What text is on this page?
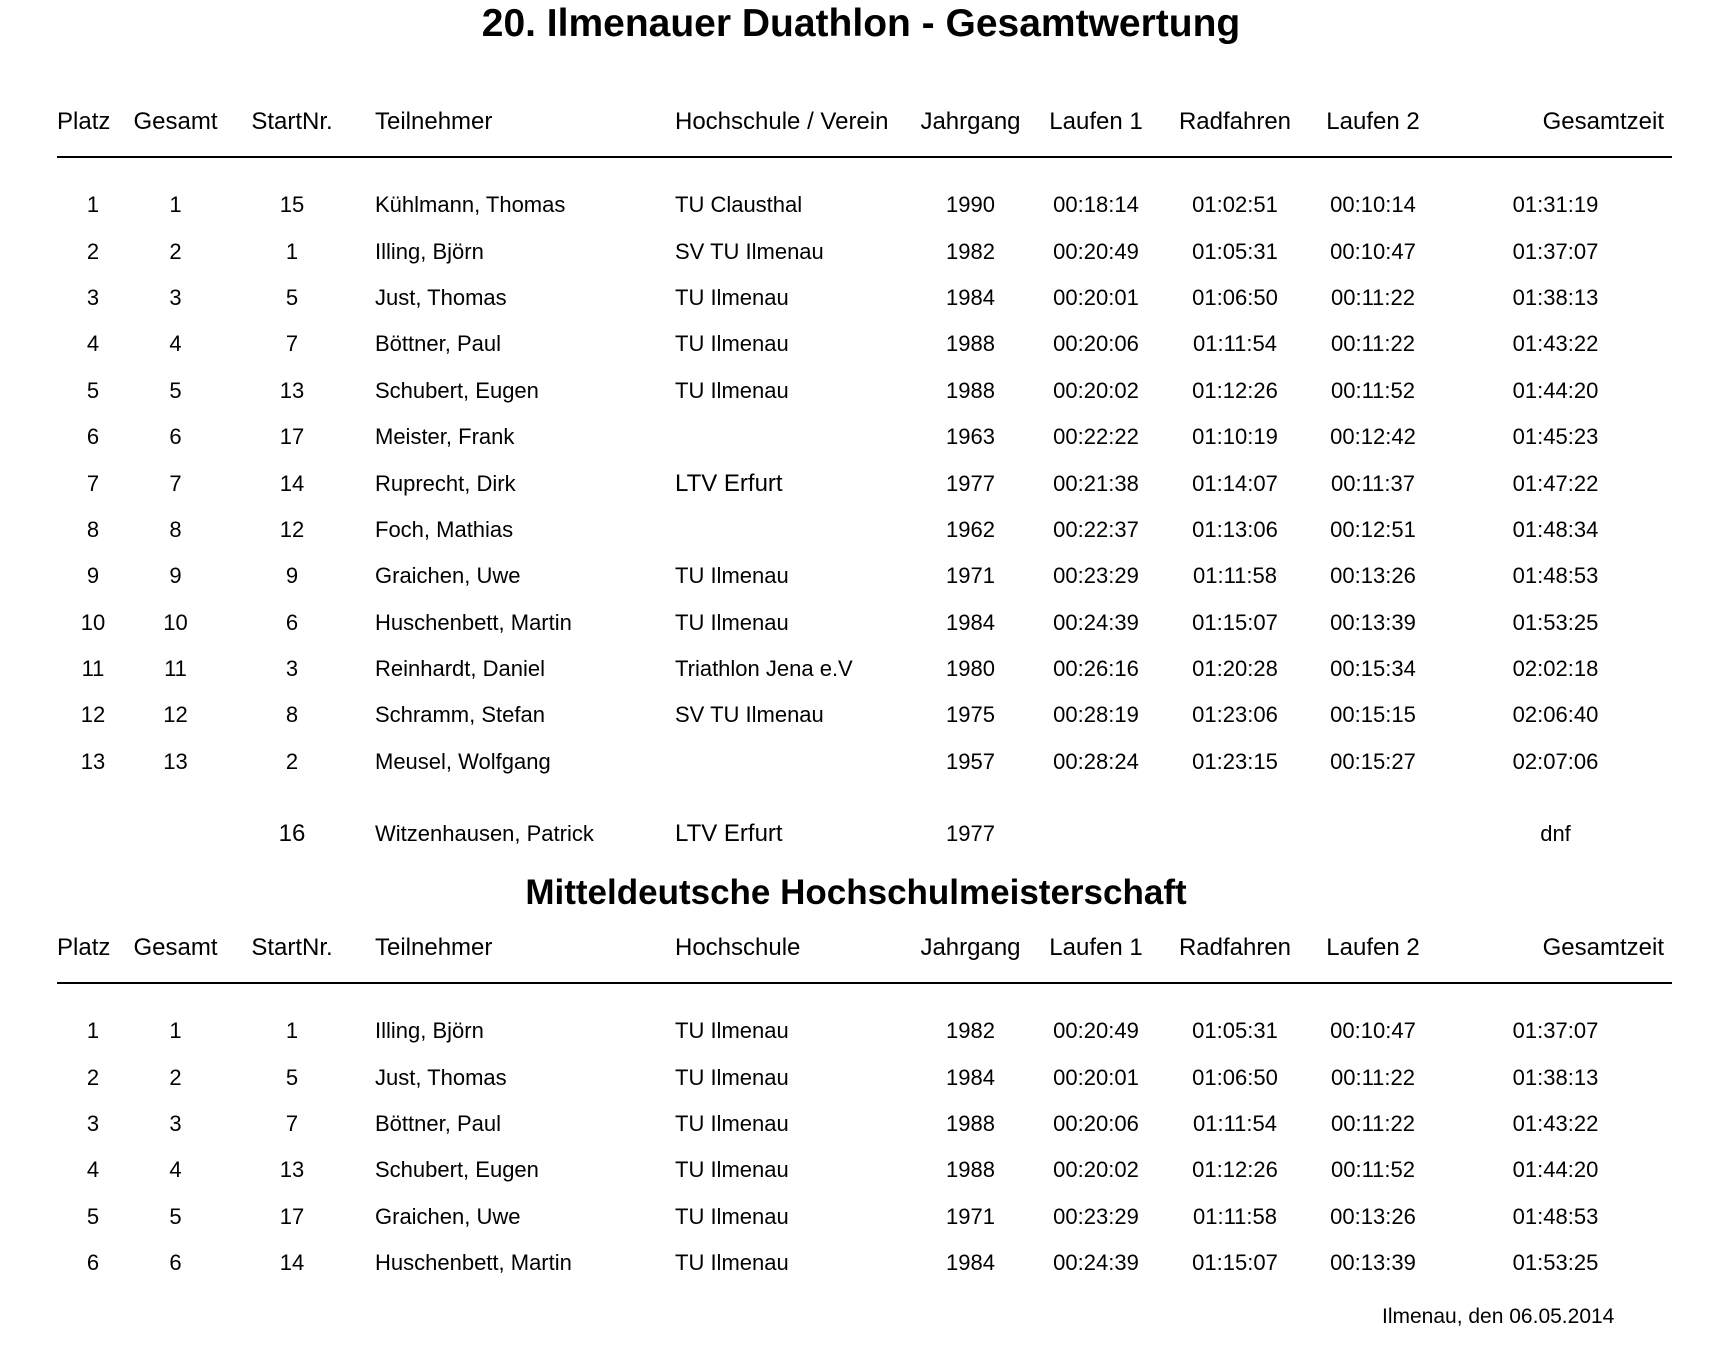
20. Ilmenauer Duathlon - Gesamtwertung
Platz	Gesamt	StartNr.	Teilnehmer	Hochschule / Verein	Jahrgang	Laufen 1	Radfahren	Laufen 2	Gesamtzeit

1	1	15	Kühlmann, Thomas	TU Clausthal	1990	00:18:14	01:02:51	00:10:14	01:31:19
2	2	1	Illing, Björn	SV TU Ilmenau	1982	00:20:49	01:05:31	00:10:47	01:37:07
3	3	5	Just, Thomas	TU Ilmenau	1984	00:20:01	01:06:50	00:11:22	01:38:13
4	4	7	Böttner, Paul	TU Ilmenau	1988	00:20:06	01:11:54	00:11:22	01:43:22
5	5	13	Schubert, Eugen	TU Ilmenau	1988	00:20:02	01:12:26	00:11:52	01:44:20
6	6	17	Meister, Frank		1963	00:22:22	01:10:19	00:12:42	01:45:23
7	7	14	Ruprecht, Dirk	LTV Erfurt	1977	00:21:38	01:14:07	00:11:37	01:47:22
8	8	12	Foch, Mathias		1962	00:22:37	01:13:06	00:12:51	01:48:34
9	9	9	Graichen, Uwe	TU Ilmenau	1971	00:23:29	01:11:58	00:13:26	01:48:53
10	10	6	Huschenbett, Martin	TU Ilmenau	1984	00:24:39	01:15:07	00:13:39	01:53:25
11	11	3	Reinhardt, Daniel	Triathlon Jena e.V	1980	00:26:16	01:20:28	00:15:34	02:02:18
12	12	8	Schramm, Stefan	SV TU Ilmenau	1975	00:28:19	01:23:06	00:15:15	02:06:40
13	13	2	Meusel, Wolfgang		1957	00:28:24	01:23:15	00:15:27	02:07:06

		16	Witzenhausen, Patrick	LTV Erfurt	1977				dnf
Mitteldeutsche Hochschulmeisterschaft
Platz	Gesamt	StartNr.	Teilnehmer	Hochschule	Jahrgang	Laufen 1	Radfahren	Laufen 2	Gesamtzeit

1	1	1	Illing, Björn	TU Ilmenau	1982	00:20:49	01:05:31	00:10:47	01:37:07
2	2	5	Just, Thomas	TU Ilmenau	1984	00:20:01	01:06:50	00:11:22	01:38:13
3	3	7	Böttner, Paul	TU Ilmenau	1988	00:20:06	01:11:54	00:11:22	01:43:22
4	4	13	Schubert, Eugen	TU Ilmenau	1988	00:20:02	01:12:26	00:11:52	01:44:20
5	5	17	Graichen, Uwe	TU Ilmenau	1971	00:23:29	01:11:58	00:13:26	01:48:53
6	6	14	Huschenbett, Martin	TU Ilmenau	1984	00:24:39	01:15:07	00:13:39	01:53:25
Ilmenau, den 06.05.2014
